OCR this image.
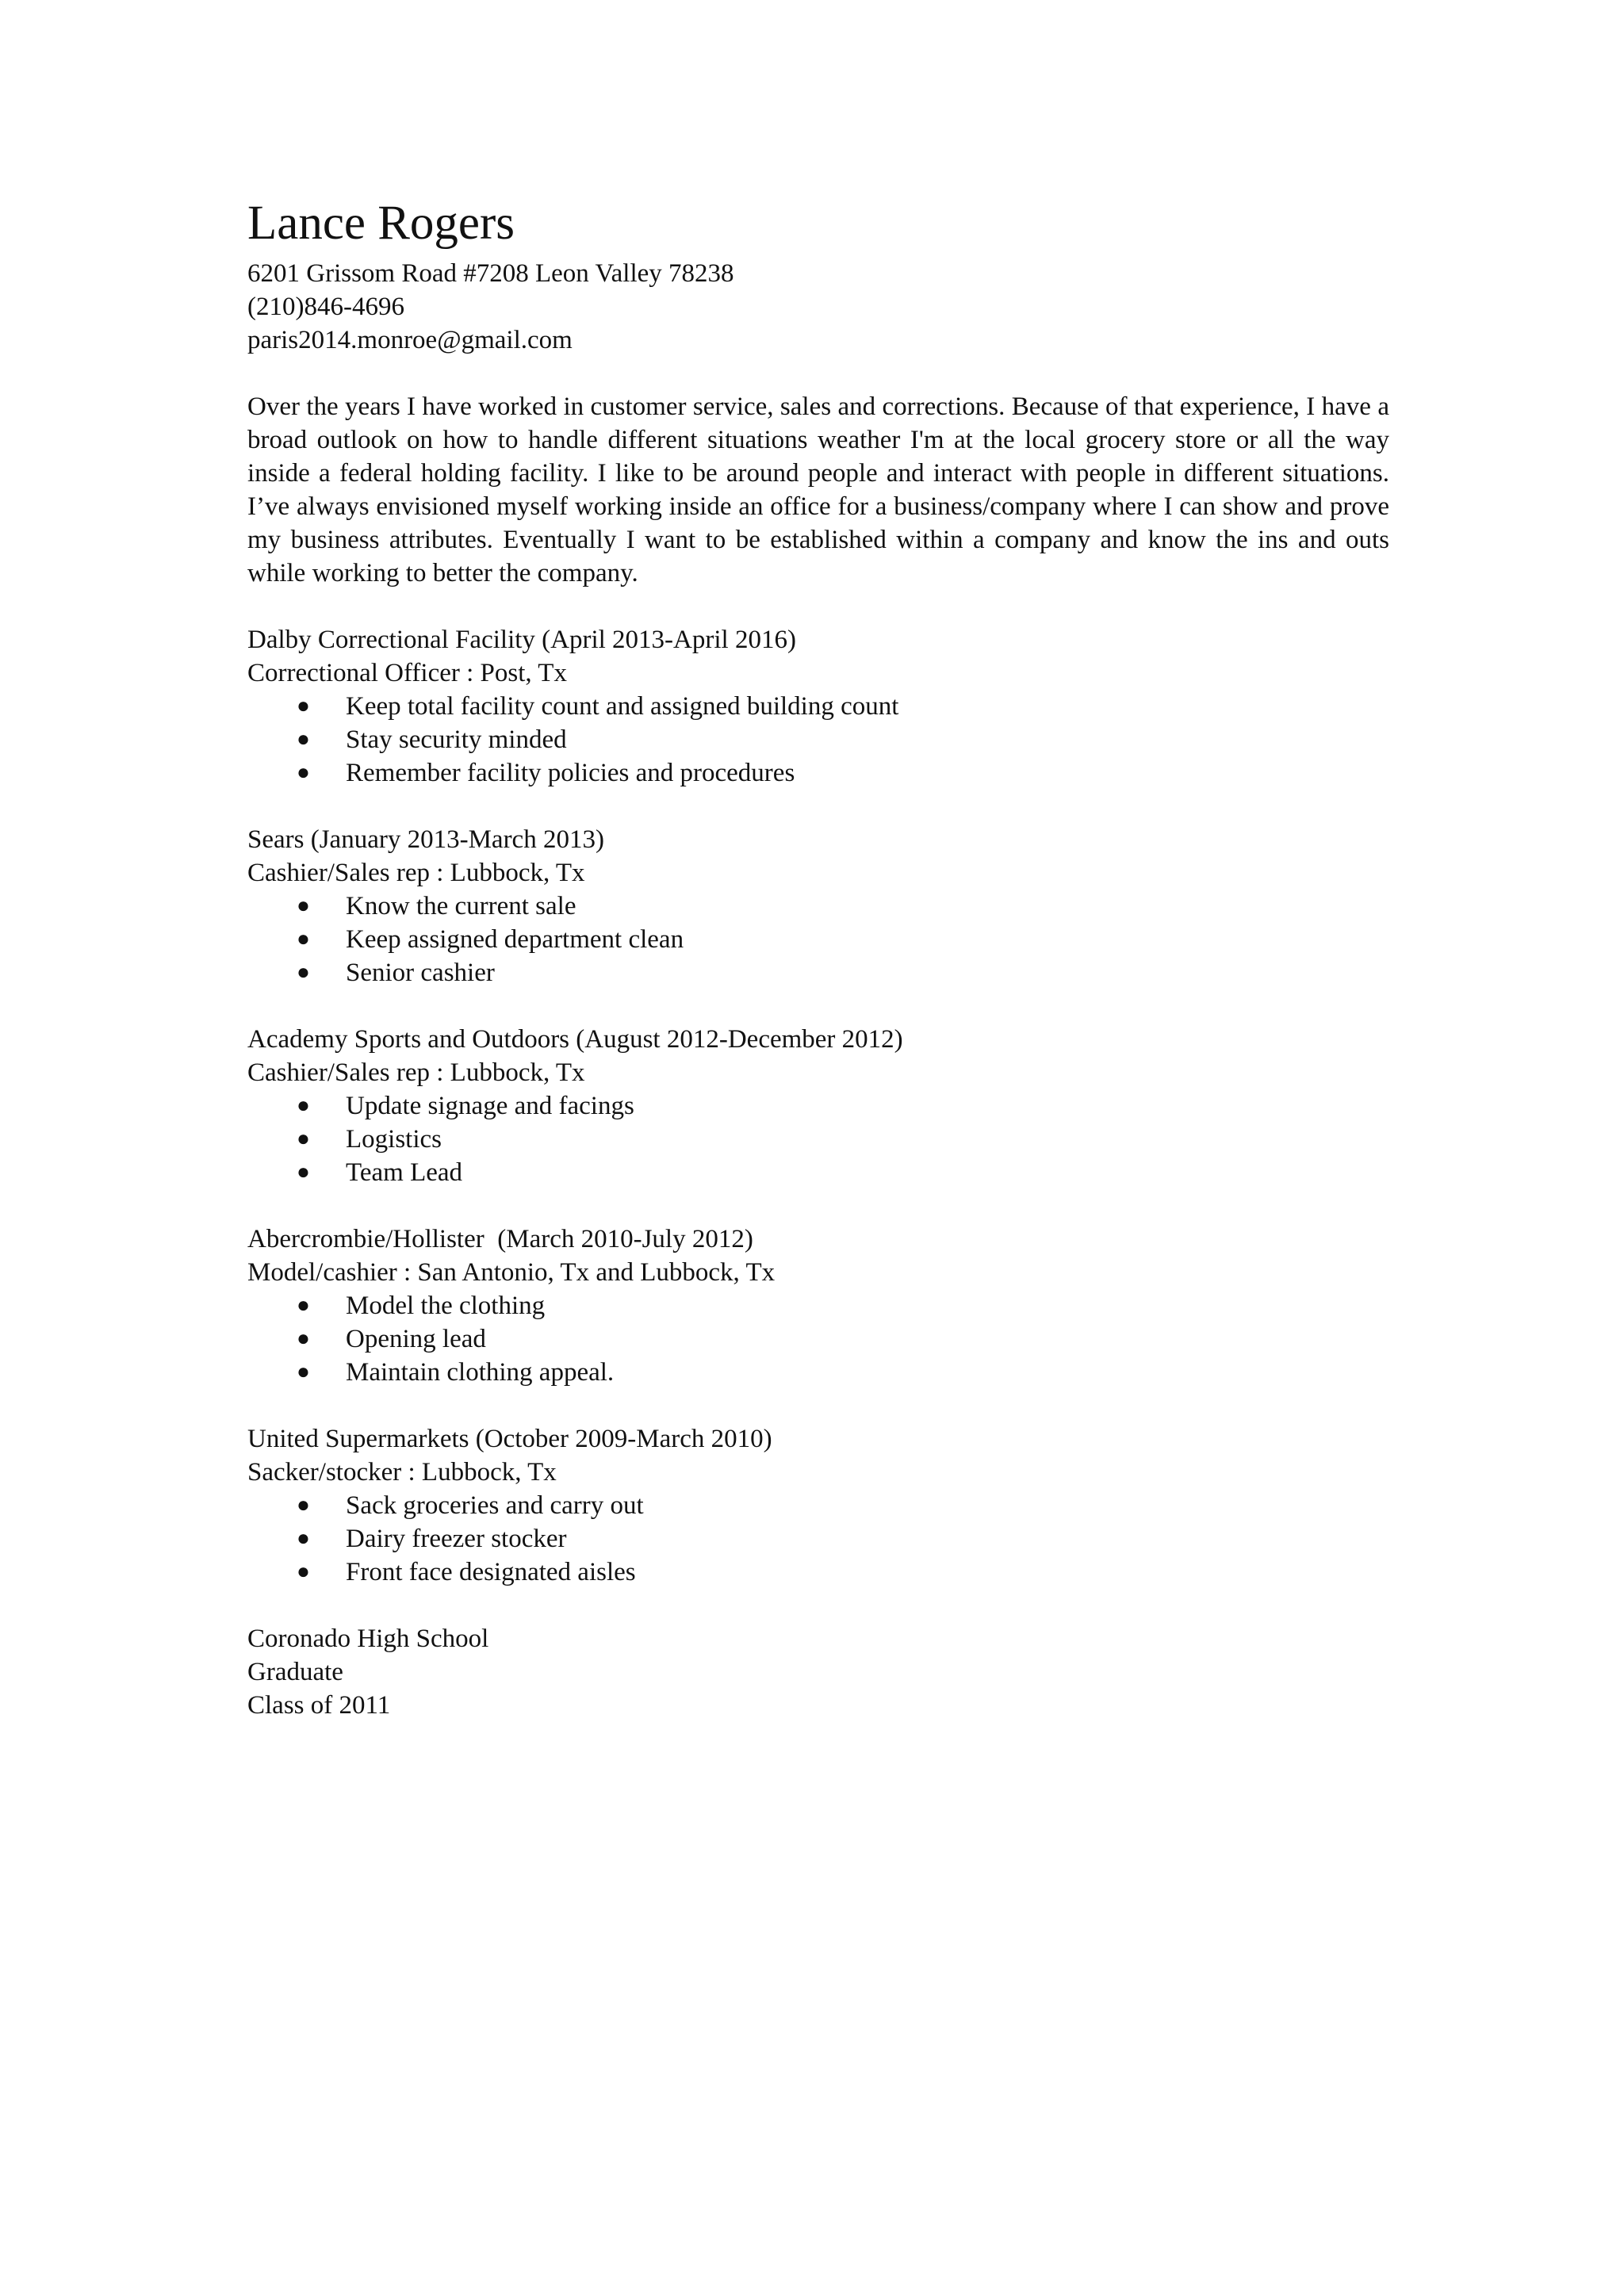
Lance Rogers

6201 Grissom Road #7208 Leon Valley 78238

(210)846-4696

paris2014.monroe@gmail.com

Over the years I have worked in customer service, sales and corrections. Because of that experience, I have a broad outlook on how to handle different situations weather I'm at the local grocery store or all the way inside a federal holding facility. I like to be around people and interact with people in different situations. I’ve always envisioned myself working inside an office for a business/company where I can show and prove my business attributes. Eventually I want to be established within a company and know the ins and outs while working to better the company.

Dalby Correctional Facility (April 2013-April 2016)

Correctional Officer : Post, Tx

● Keep total facility count and assigned building count
● Stay security minded
● Remember facility policies and procedures

Sears (January 2013-March 2013)

Cashier/Sales rep : Lubbock, Tx

● Know the current sale
● Keep assigned department clean
● Senior cashier

Academy Sports and Outdoors (August 2012-December 2012)

Cashier/Sales rep : Lubbock, Tx

● Update signage and facings
● Logistics
● Team Lead

Abercrombie/Hollister  (March 2010-July 2012)

Model/cashier : San Antonio, Tx and Lubbock, Tx

● Model the clothing
● Opening lead
● Maintain clothing appeal.

United Supermarkets (October 2009-March 2010)

Sacker/stocker : Lubbock, Tx

● Sack groceries and carry out
● Dairy freezer stocker
● Front face designated aisles

Coronado High School

Graduate

Class of 2011
